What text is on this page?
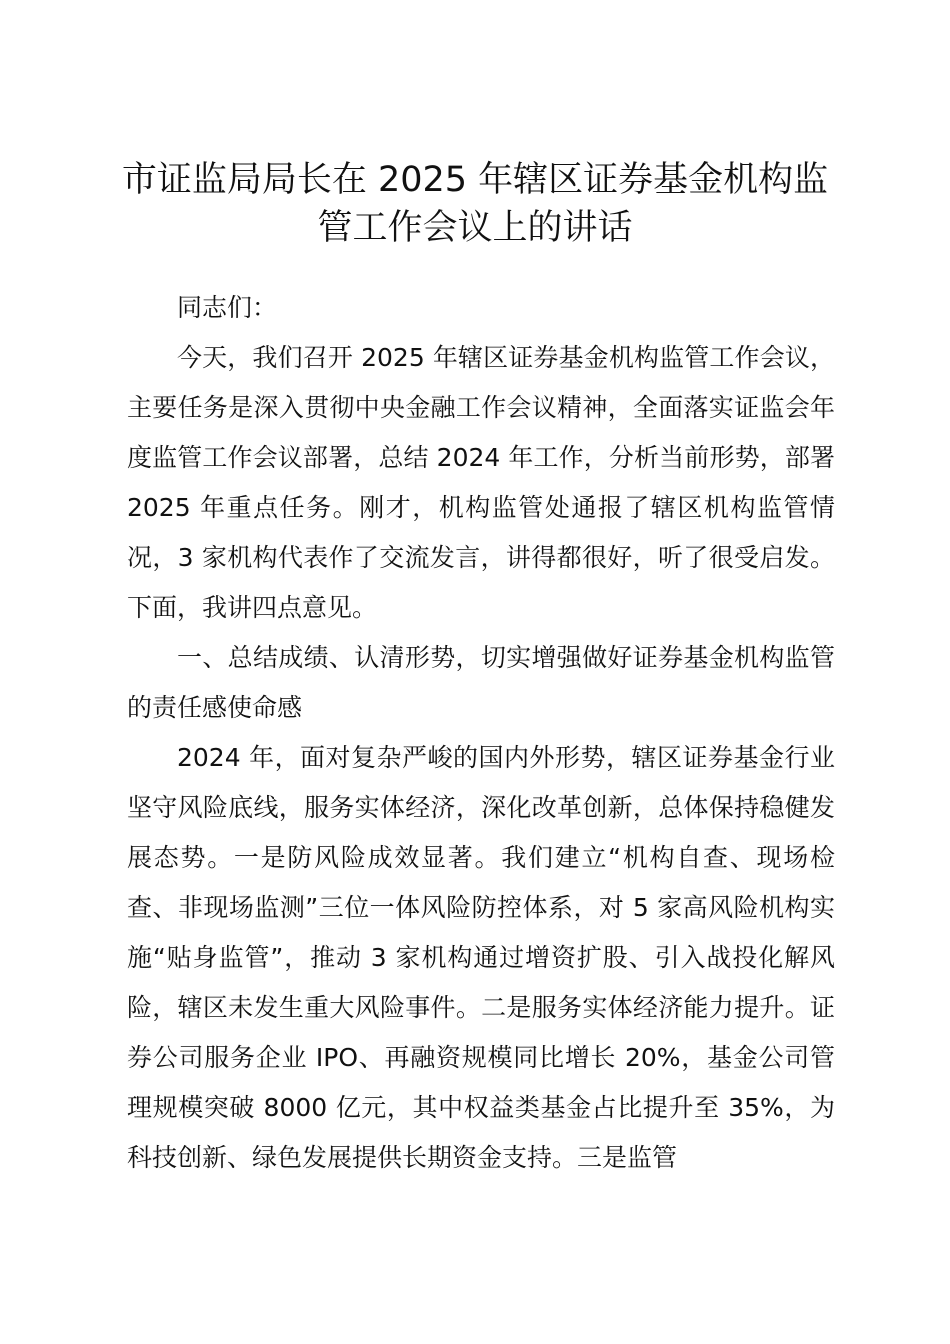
市证监局局长在 2025 年辖区证券基金机构监管工作会议上的讲话

同志们：

今天，我们召开 2025 年辖区证券基金机构监管工作会议，主要任务是深入贯彻中央金融工作会议精神，全面落实证监会年度监管工作会议部署，总结 2024 年工作，分析当前形势，部署 2025 年重点任务。刚才，机构监管处通报了辖区机构监管情况，3 家机构代表作了交流发言，讲得都很好，听了很受启发。下面，我讲四点意见。

一、总结成绩、认清形势，切实增强做好证券基金机构监管的责任感使命感

2024 年，面对复杂严峻的国内外形势，辖区证券基金行业坚守风险底线，服务实体经济，深化改革创新，总体保持稳健发展态势。一是防风险成效显著。我们建立“机构自查、现场检查、非现场监测”三位一体风险防控体系，对 5 家高风险机构实施“贴身监管”，推动 3 家机构通过增资扩股、引入战投化解风险，辖区未发生重大风险事件。二是服务实体经济能力提升。证券公司服务企业 IPO、再融资规模同比增长 20%，基金公司管理规模突破 8000 亿元，其中权益类基金占比提升至 35%，为科技创新、绿色发展提供长期资金支持。三是监管
